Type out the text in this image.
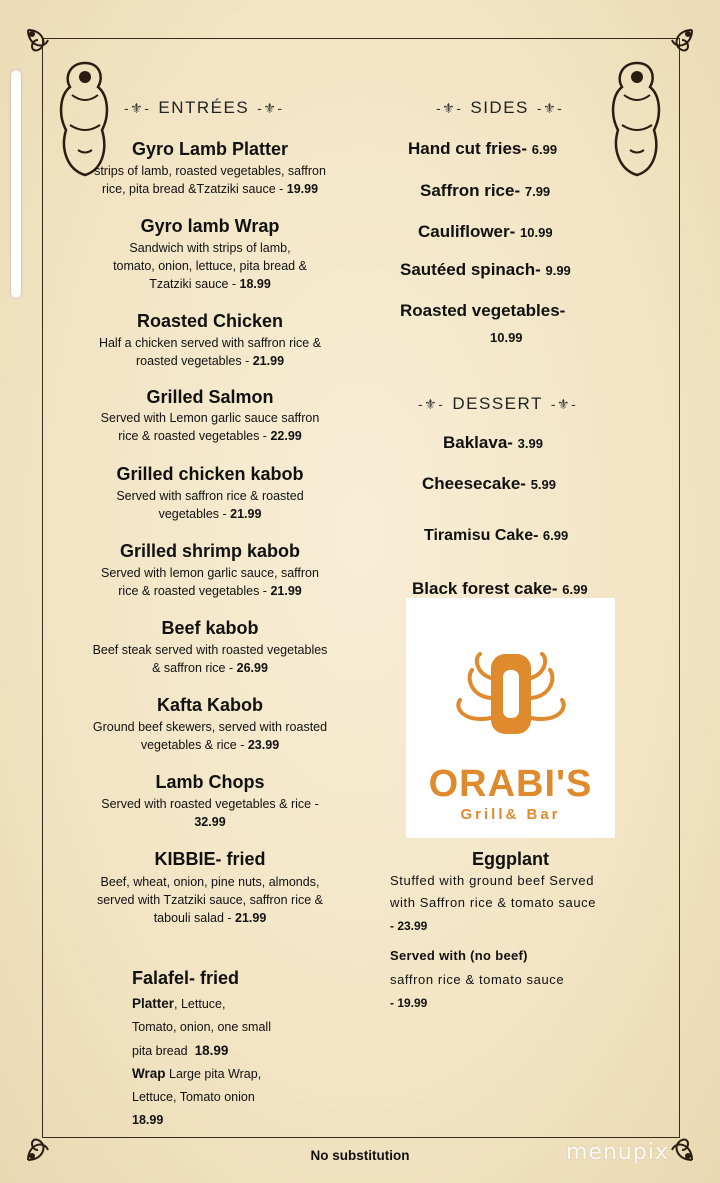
-⚜- ENTRÉES -⚜-
Gyro Lamb Platter
strips of lamb, roasted vegetables, saffron
rice, pita bread &Tzatziki sauce - 19.99
Gyro lamb Wrap
Sandwich with strips of lamb,
tomato, onion, lettuce, pita bread &
Tzatziki sauce - 18.99
Roasted Chicken
Half a chicken served with saffron rice &
roasted vegetables - 21.99
Grilled Salmon
Served with Lemon garlic sauce saffron
rice & roasted vegetables - 22.99
Grilled chicken kabob
Served with saffron rice & roasted
vegetables - 21.99
Grilled shrimp kabob
Served with lemon garlic sauce, saffron
rice & roasted vegetables - 21.99
Beef kabob
Beef steak served with roasted vegetables
& saffron rice - 26.99
Kafta Kabob
Ground beef skewers, served with roasted
vegetables & rice - 23.99
Lamb Chops
Served with roasted vegetables & rice -
32.99
KIBBIE- fried
Beef, wheat, onion, pine nuts, almonds,
served with Tzatziki sauce, saffron rice &
tabouli salad - 21.99
Falafel- fried
Platter, Lettuce,
Tomato, onion, one small
pita bread 18.99
Wrap Large pita Wrap,
Lettuce, Tomato onion
18.99
-⚜- SIDES -⚜-
Hand cut fries- 6.99
Saffron rice- 7.99
Cauliflower- 10.99
Sautéed spinach- 9.99
Roasted vegetables-
10.99
-⚜- DESSERT -⚜-
Baklava- 3.99
Cheesecake- 5.99
Tiramisu Cake- 6.99
Black forest cake- 6.99
ORABI'S
Grill& Bar
Eggplant
Stuffed with ground beef Served
with Saffron rice & tomato sauce
- 23.99
Served with (no beef)
saffron rice & tomato sauce
- 19.99
No substitution	menupix
